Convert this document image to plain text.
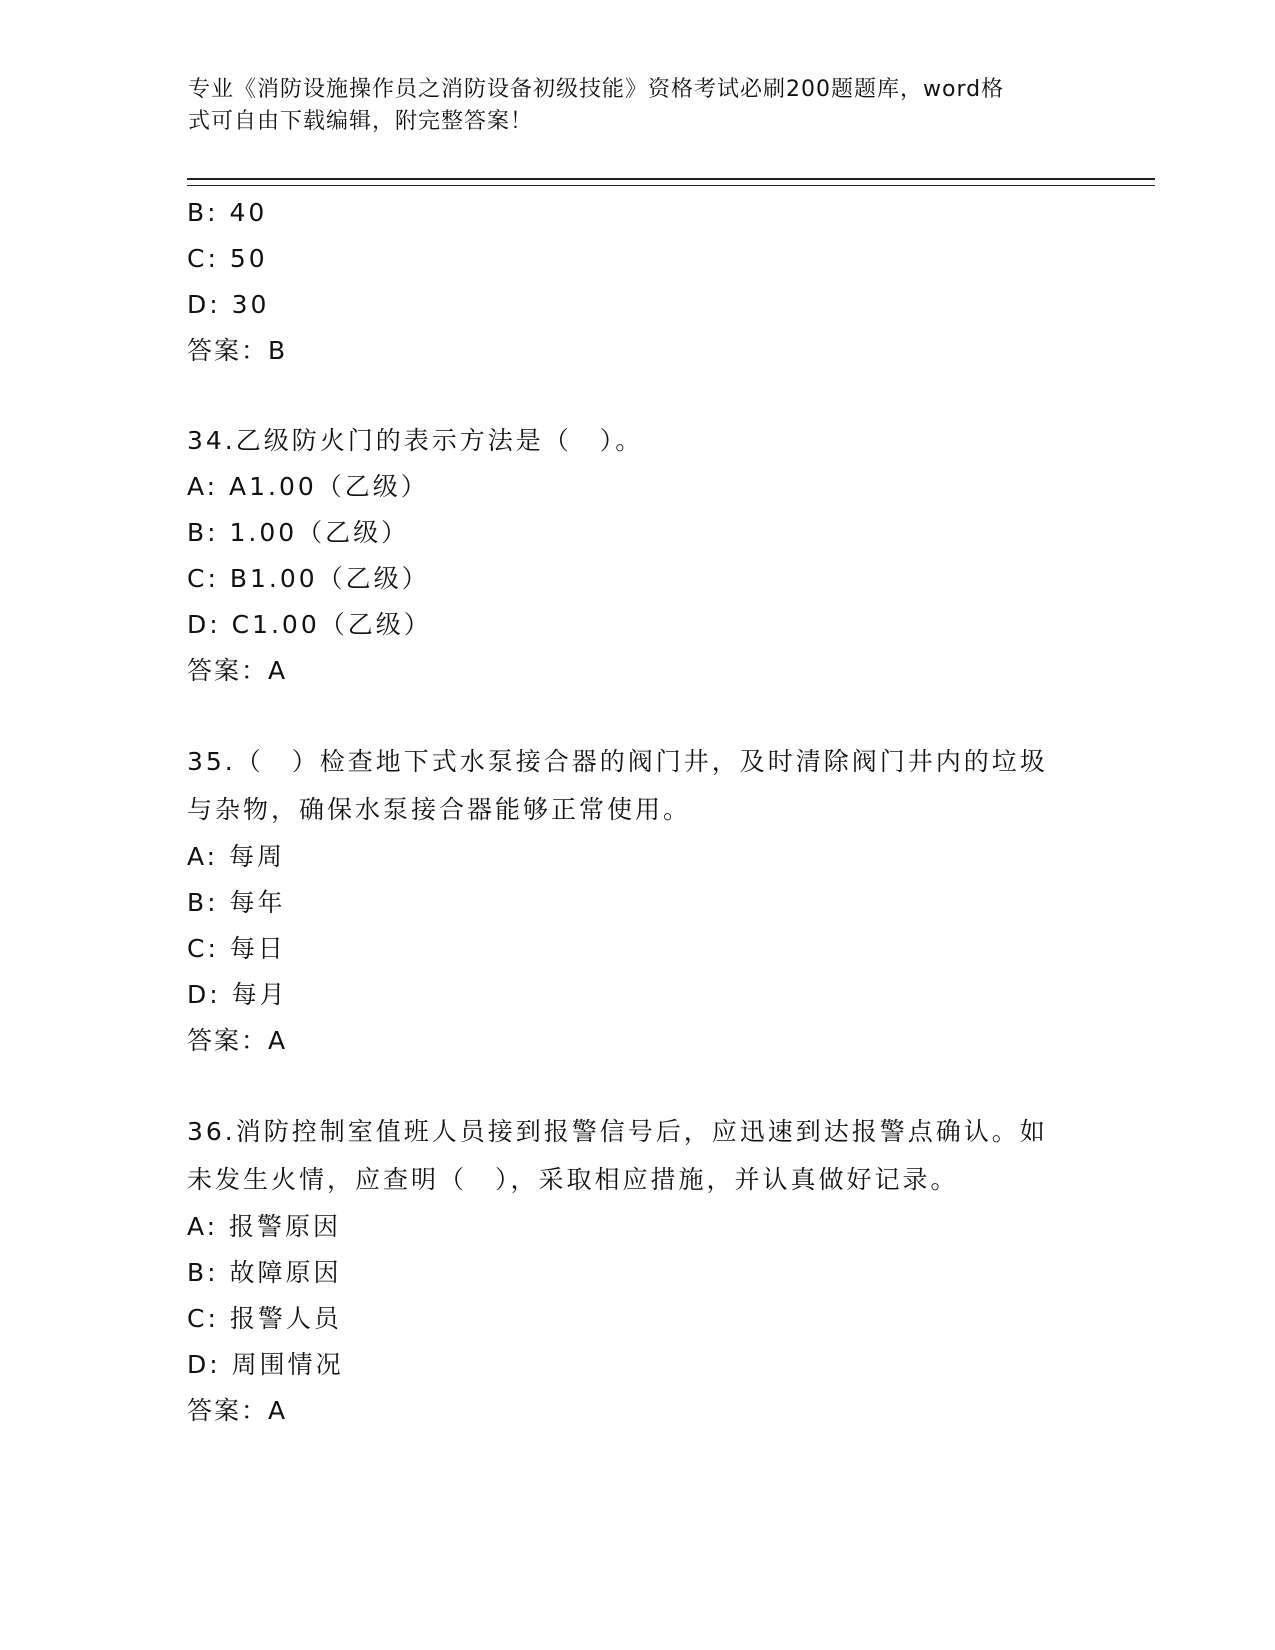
专业《消防设施操作员之消防设备初级技能》资格考试必刷200题题库，word格
式可自由下载编辑，附完整答案！
B: 40
C: 50
D: 30
答案：B
34.乙级防火门的表示方法是（　）。
A: A1.00（乙级）
B: 1.00（乙级）
C: B1.00（乙级）
D: C1.00（乙级）
答案：A
35.（　）检查地下式水泵接合器的阀门井，及时清除阀门井内的垃圾
与杂物，确保水泵接合器能够正常使用。
A: 每周
B: 每年
C: 每日
D: 每月
答案：A
36.消防控制室值班人员接到报警信号后，应迅速到达报警点确认。如
未发生火情，应查明（　），采取相应措施，并认真做好记录。
A: 报警原因
B: 故障原因
C: 报警人员
D: 周围情况
答案：A
